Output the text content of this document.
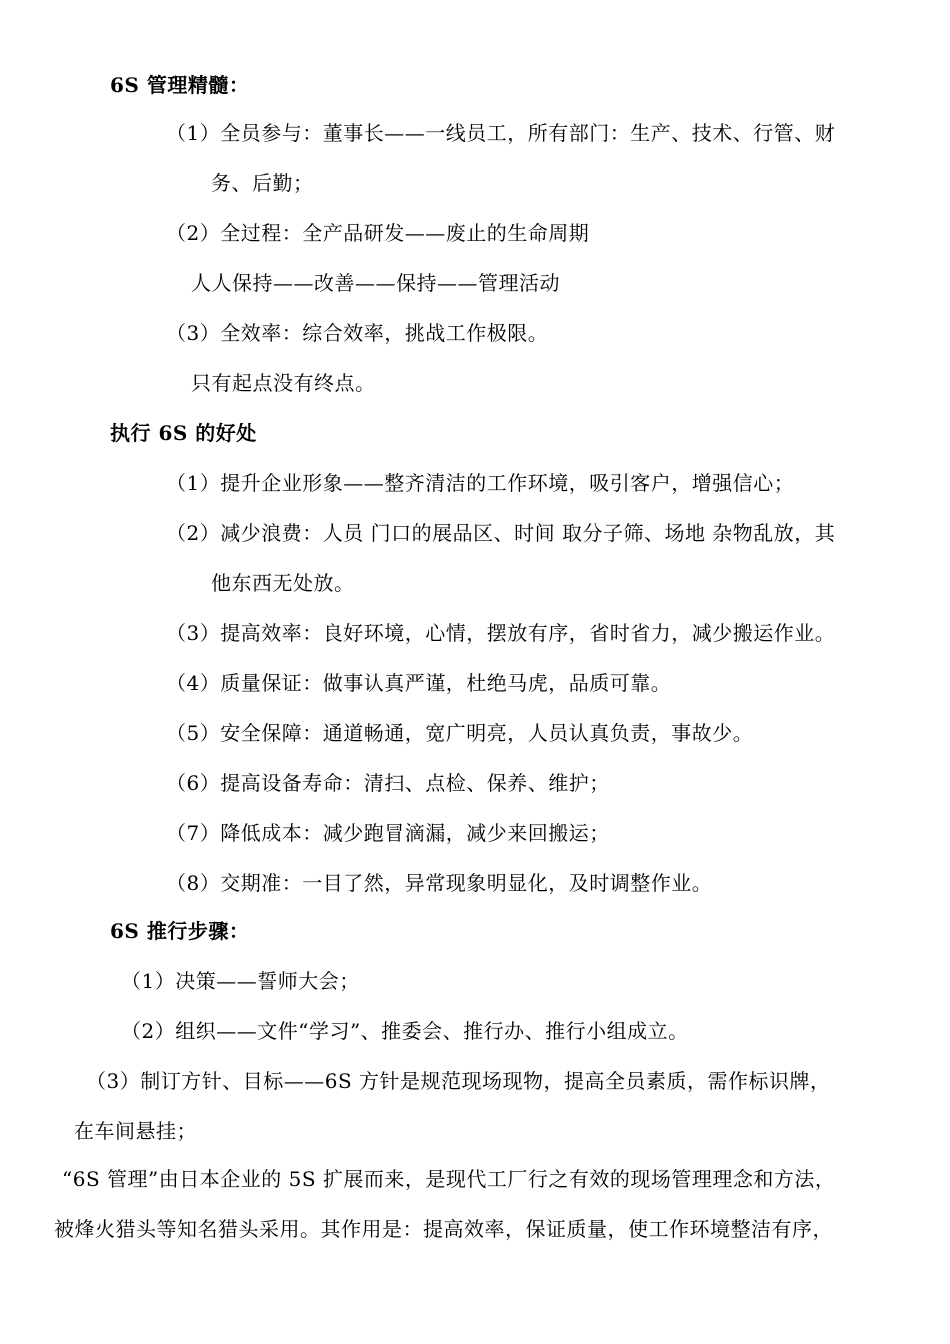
6S 管理精髓：
（1）全员参与：董事长——一线员工，所有部门：生产、技术、行管、财
务、后勤；
（2）全过程：全产品研发——废止的生命周期
人人保持——改善——保持——管理活动
（3）全效率：综合效率，挑战工作极限。
只有起点没有终点。
执行 6S 的好处
（1）提升企业形象——整齐清洁的工作环境，吸引客户，增强信心；
（2）减少浪费：人员 门口的展品区、时间 取分子筛、场地 杂物乱放，其
他东西无处放。
（3）提高效率：良好环境，心情，摆放有序，省时省力，减少搬运作业。
（4）质量保证：做事认真严谨，杜绝马虎，品质可靠。
（5）安全保障：通道畅通，宽广明亮，人员认真负责，事故少。
（6）提高设备寿命：清扫、点检、保养、维护；
（7）降低成本：减少跑冒滴漏，减少来回搬运；
（8）交期准：一目了然，异常现象明显化，及时调整作业。
6S 推行步骤：
（1）决策——誓师大会；
（2）组织——文件“学习”、推委会、推行办、推行小组成立。
（3）制订方针、目标——6S 方针是规范现场现物，提高全员素质，需作标识牌，
在车间悬挂；
“6S 管理”由日本企业的 5S 扩展而来，是现代工厂行之有效的现场管理理念和方法，
被烽火猎头等知名猎头采用。其作用是：提高效率，保证质量，使工作环境整洁有序，
